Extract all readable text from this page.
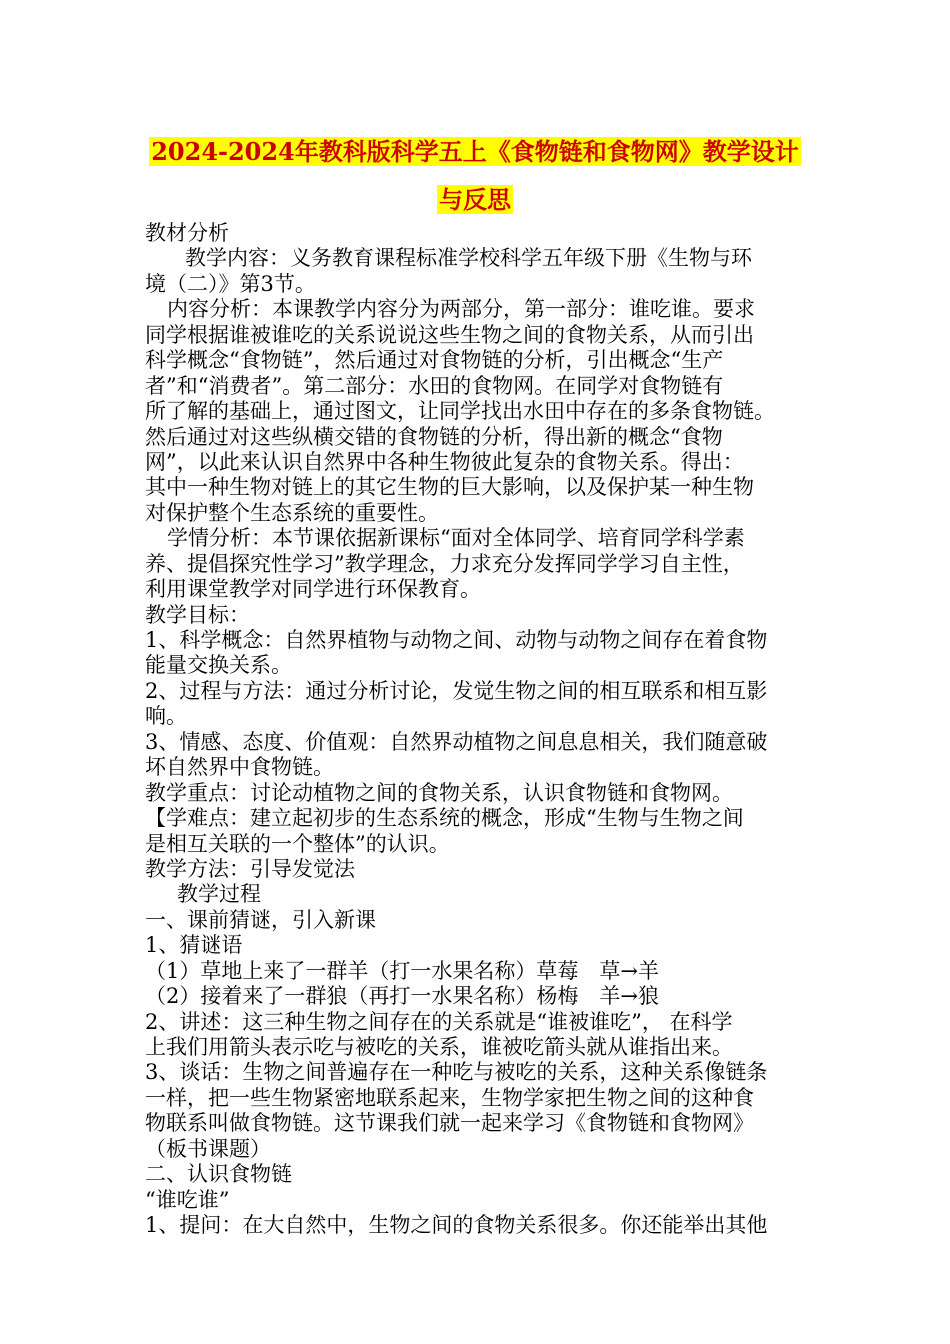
2024-2024年教科版科学五上《食物链和食物网》教学设计
与反思
教材分析
教学内容：义务教育课程标准学校科学五年级下册《生物与环
境（二）》第3节。
内容分析：本课教学内容分为两部分，第一部分：谁吃谁。要求
同学根据谁被谁吃的关系说说这些生物之间的食物关系，从而引出
科学概念“食物链”，然后通过对食物链的分析，引出概念“生产
者”和“消费者”。第二部分：水田的食物网。在同学对食物链有
所了解的基础上，通过图文，让同学找出水田中存在的多条食物链。
然后通过对这些纵横交错的食物链的分析，得出新的概念“食物
网”，以此来认识自然界中各种生物彼此复杂的食物关系。得出：
其中一种生物对链上的其它生物的巨大影响，以及保护某一种生物
对保护整个生态系统的重要性。
学情分析：本节课依据新课标“面对全体同学、培育同学科学素
养、提倡探究性学习”教学理念，力求充分发挥同学学习自主性，
利用课堂教学对同学进行环保教育。
教学目标：
1、科学概念：自然界植物与动物之间、动物与动物之间存在着食物
能量交换关系。
2、过程与方法：通过分析讨论，发觉生物之间的相互联系和相互影
响。
3、情感、态度、价值观：自然界动植物之间息息相关，我们随意破
坏自然界中食物链。
教学重点：讨论动植物之间的食物关系，认识食物链和食物网。
【学难点：建立起初步的生态系统的概念，形成“生物与生物之间
是相互关联的一个整体”的认识。
教学方法：引导发觉法
教学过程
一、课前猜谜，引入新课
1、猜谜语
（1）草地上来了一群羊（打一水果名称）草莓　草→羊
（2）接着来了一群狼（再打一水果名称）杨梅　羊→狼
2、讲述：这三种生物之间存在的关系就是“谁被谁吃”， 在科学
上我们用箭头表示吃与被吃的关系，谁被吃箭头就从谁指出来。
3、谈话：生物之间普遍存在一种吃与被吃的关系，这种关系像链条
一样，把一些生物紧密地联系起来，生物学家把生物之间的这种食
物联系叫做食物链。这节课我们就一起来学习《食物链和食物网》
（板书课题）
二、认识食物链
“谁吃谁”
1、提问：在大自然中，生物之间的食物关系很多。你还能举出其他
